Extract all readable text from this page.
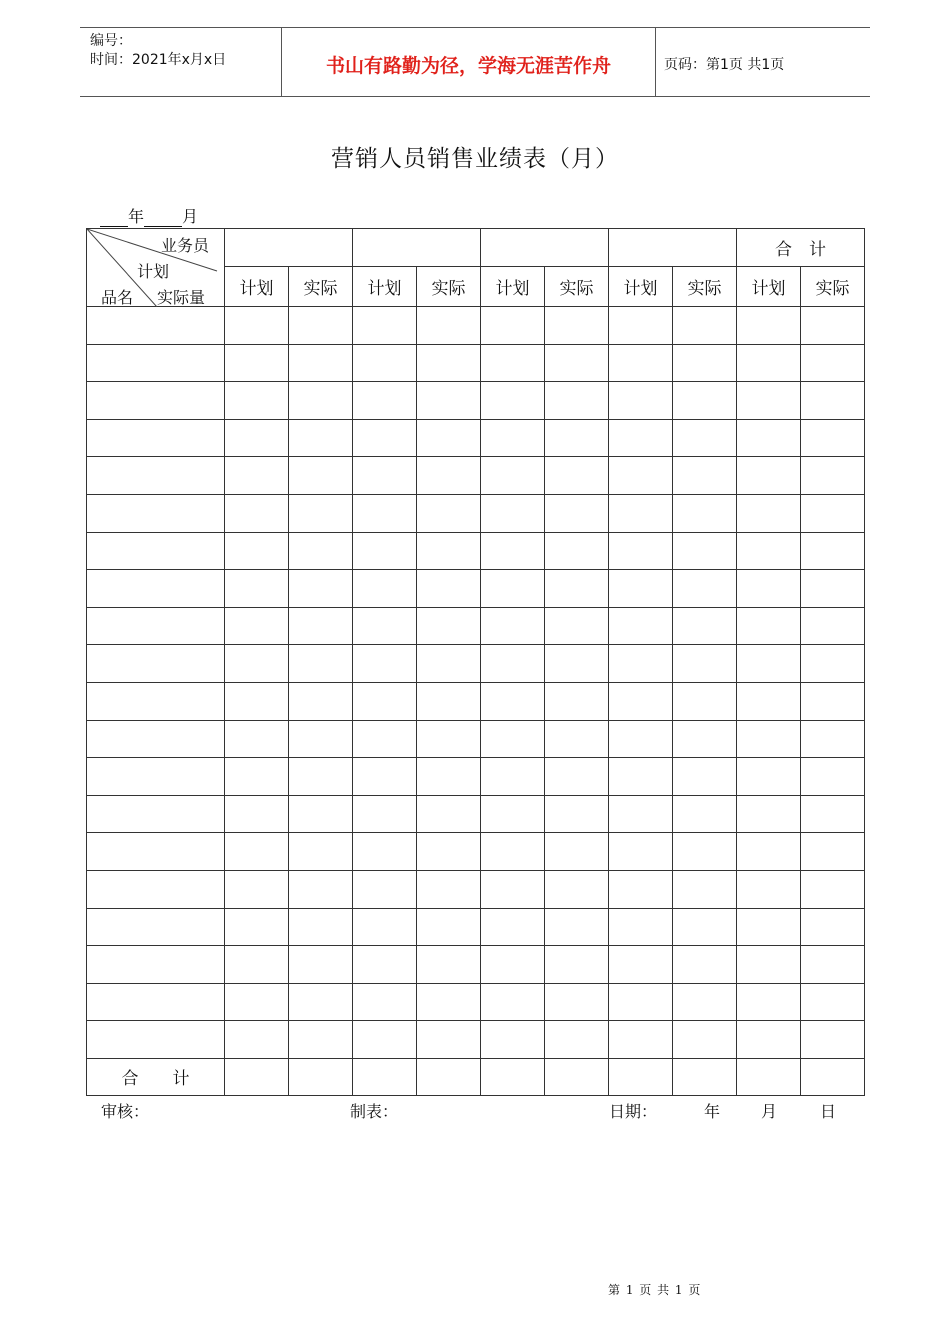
编号：
时间：2021年x月x日	书山有路勤为径，学海无涯苦作舟	页码：第1页 共1页
营销人员销售业绩表（月）
年 月
业务员
计划
品名 实际量									合　计	
	计划	实际	计划	实际	计划	实际	计划	实际	计划	实际

合　　计										
审核：	制表：	日期：	年	月	日
第 1 页 共 1 页
